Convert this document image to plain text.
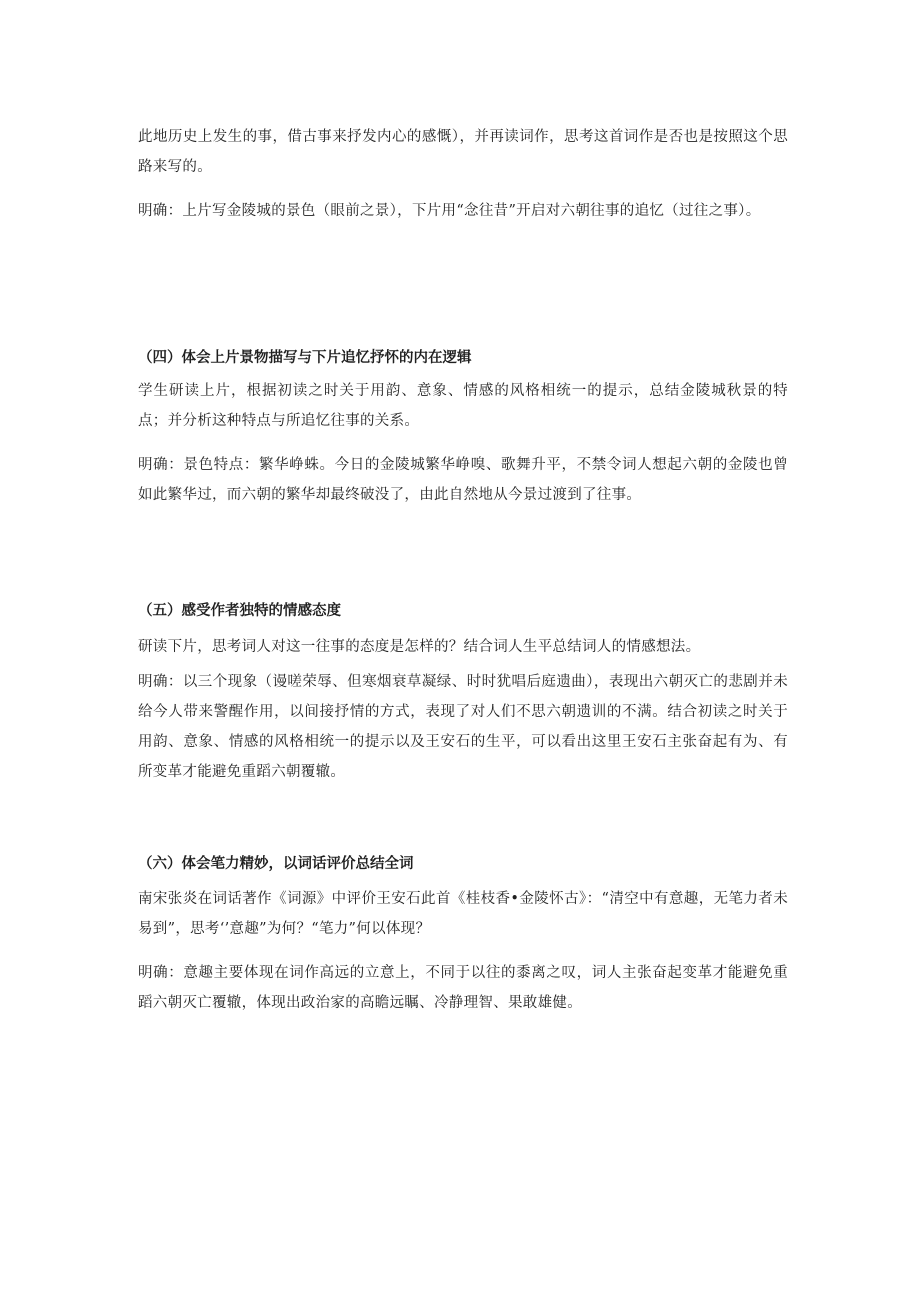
此地历史上发生的事，借古事来抒发内心的感慨），并再读词作，思考这首词作是否也是按照这个思路来写的。

明确：上片写金陵城的景色（眼前之景），下片用“念往昔”开启对六朝往事的追忆（过往之事）。

（四）体会上片景物描写与下片追忆抒怀的内在逻辑

学生研读上片，根据初读之时关于用韵、意象、情感的风格相统一的提示，总结金陵城秋景的特点；并分析这种特点与所追忆往事的关系。

明确：景色特点：繁华峥蛛。今日的金陵城繁华峥嗅、歌舞升平，不禁令词人想起六朝的金陵也曾如此繁华过，而六朝的繁华却最终破没了，由此自然地从今景过渡到了往事。

（五）感受作者独特的情感态度

研读下片，思考词人对这一往事的态度是怎样的？结合词人生平总结词人的情感想法。

明确：以三个现象（谩嗟荣辱、但寒烟衰草凝绿、时时犹唱后庭遗曲），表现出六朝灭亡的悲剧并未给今人带来警醒作用，以间接抒情的方式，表现了对人们不思六朝遗训的不满。结合初读之时关于用韵、意象、情感的风格相统一的提示以及王安石的生平，可以看出这里王安石主张奋起有为、有所变革才能避免重蹈六朝覆辙。

（六）体会笔力精妙，以词话评价总结全词

南宋张炎在词话著作《词源》中评价王安石此首《桂枝香•金陵怀古》：“清空中有意趣，无笔力者未易到”，思考‘’意趣”为何？“笔力”何以体现？

明确：意趣主要体现在词作高远的立意上，不同于以往的黍离之叹，词人主张奋起变革才能避免重蹈六朝灭亡覆辙，体现出政治家的高瞻远瞩、冷静理智、果敢雄健。
